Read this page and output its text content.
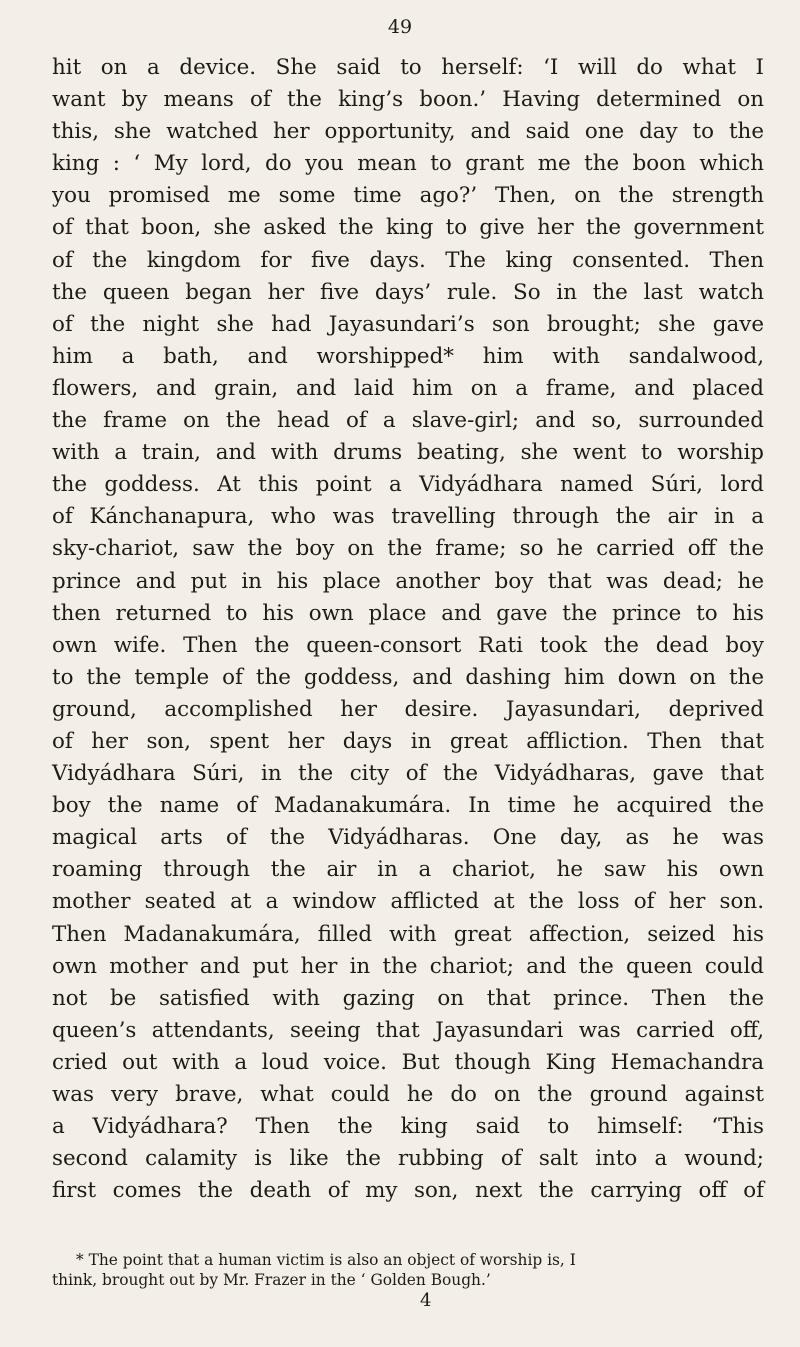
49
hit on a device. She said to herself: ‘I will do what I
want by means of the king’s boon.’ Having determined on
this, she watched her opportunity, and said one day to the
king : ‘ My lord, do you mean to grant me the boon which
you promised me some time ago?’ Then, on the strength
of that boon, she asked the king to give her the government
of the kingdom for five days. The king consented. Then
the queen began her five days’ rule. So in the last watch
of the night she had Jayasundari’s son brought; she gave
him a bath, and worshipped* him with sandalwood,
flowers, and grain, and laid him on a frame, and placed
the frame on the head of a slave-girl; and so, surrounded
with a train, and with drums beating, she went to worship
the goddess. At this point a Vidyádhara named Súri, lord
of Kánchanapura, who was travelling through the air in a
sky-chariot, saw the boy on the frame; so he carried off the
prince and put in his place another boy that was dead; he
then returned to his own place and gave the prince to his
own wife. Then the queen-consort Rati took the dead boy
to the temple of the goddess, and dashing him down on the
ground, accomplished her desire. Jayasundari, deprived
of her son, spent her days in great affliction. Then that
Vidyádhara Súri, in the city of the Vidyádharas, gave that
boy the name of Madanakumára. In time he acquired the
magical arts of the Vidyádharas. One day, as he was
roaming through the air in a chariot, he saw his own
mother seated at a window afflicted at the loss of her son.
Then Madanakumára, filled with great affection, seized his
own mother and put her in the chariot; and the queen could
not be satisfied with gazing on that prince. Then the
queen’s attendants, seeing that Jayasundari was carried off,
cried out with a loud voice. But though King Hemachandra
was very brave, what could he do on the ground against
a Vidyádhara? Then the king said to himself: ‘This
second calamity is like the rubbing of salt into a wound;
first comes the death of my son, next the carrying off of
* The point that a human victim is also an object of worship is, I
think, brought out by Mr. Frazer in the ‘ Golden Bough.’
4
